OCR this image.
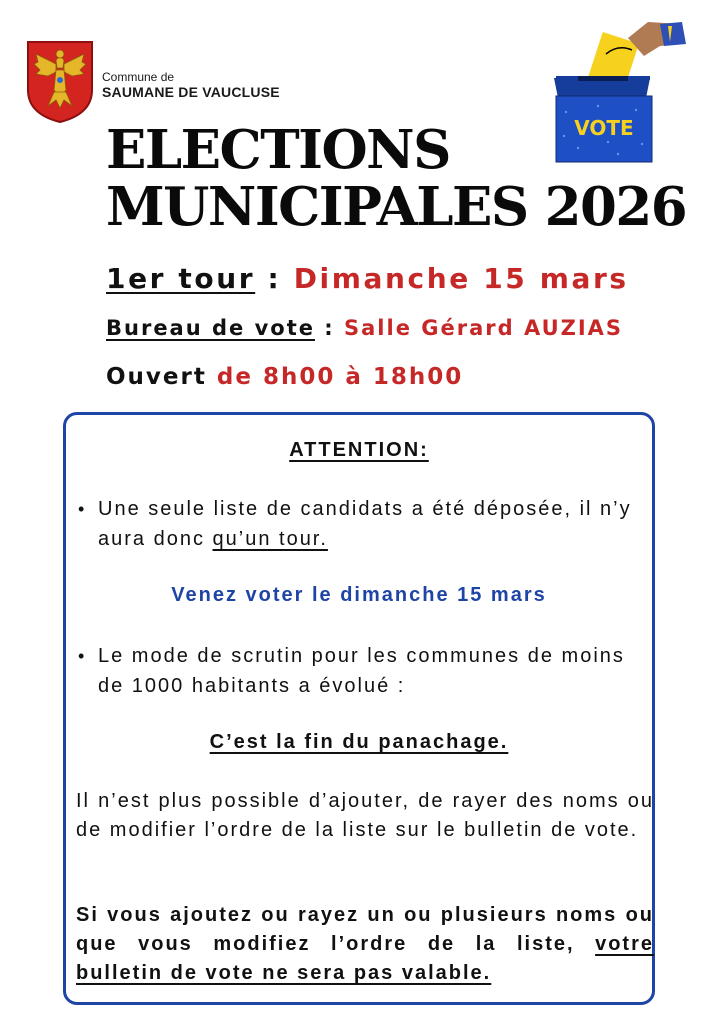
Commune de
SAUMANE DE VAUCLUSE
VOTE
ELECTIONS
MUNICIPALES 2026
1er tour : Dimanche 15 mars
Bureau de vote : Salle Gérard AUZIAS
Ouvert de 8h00 à 18h00
ATTENTION:
• Une seule liste de candidats a été déposée, il n’y aura donc qu’un tour.
Venez voter le dimanche 15 mars
• Le mode de scrutin pour les communes de moins de 1000 habitants a évolué :
C’est la fin du panachage.
Il n’est plus possible d’ajouter, de rayer des noms ou de modifier l’ordre de la liste sur le bulletin de vote.
Si vous ajoutez ou rayez un ou plusieurs noms ou que vous modifiez l’ordre de la liste, votre bulletin de vote ne sera pas valable.
